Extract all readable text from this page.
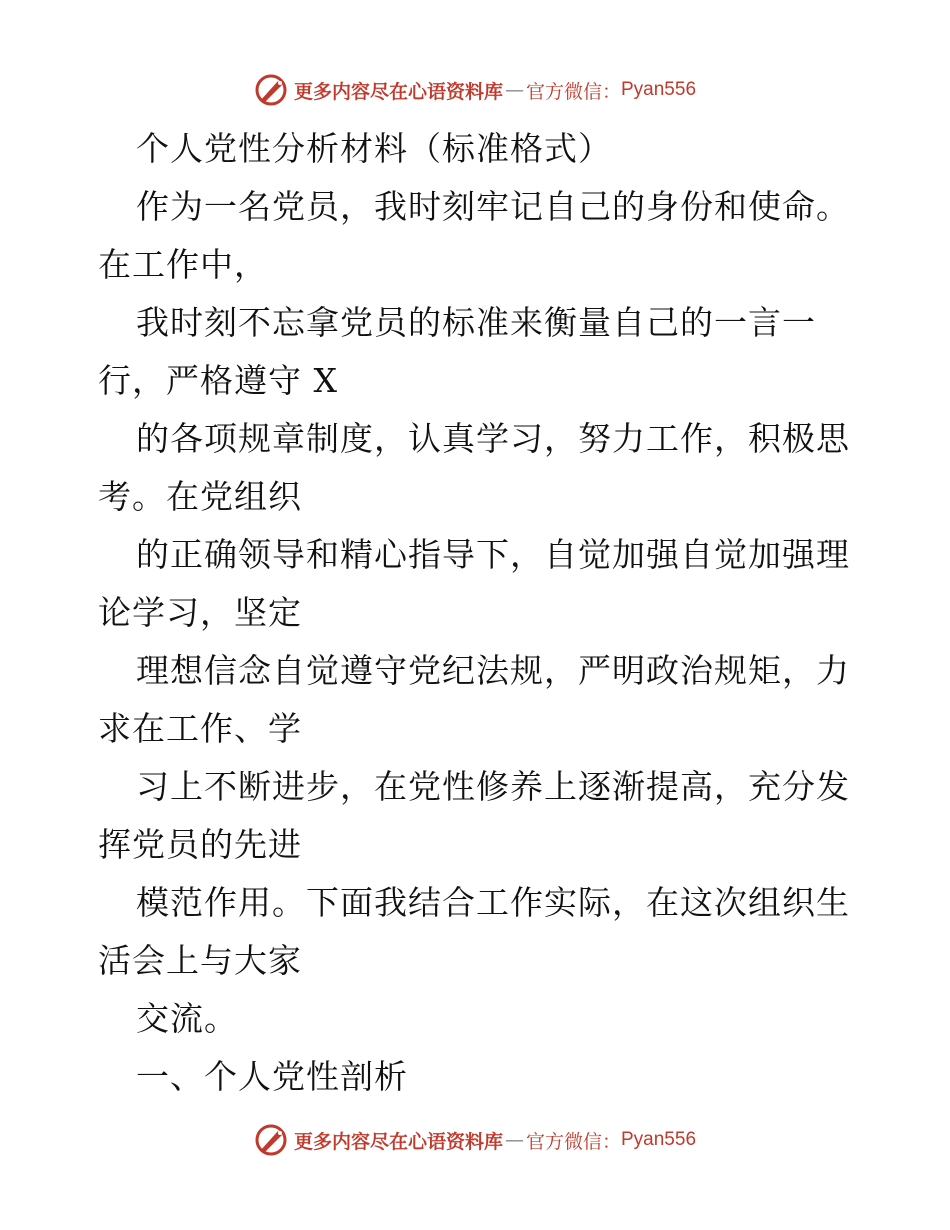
更多内容尽在心语资料库 — 官方微信： Pyan556
个人党性分析材料（标准格式）
作为一名党员，我时刻牢记自己的身份和使命。
在工作中，
我时刻不忘拿党员的标准来衡量自己的一言一
行，严格遵守 X
的各项规章制度，认真学习，努力工作，积极思
考。在党组织
的正确领导和精心指导下，自觉加强自觉加强理
论学习，坚定
理想信念自觉遵守党纪法规，严明政治规矩，力
求在工作、学
习上不断进步，在党性修养上逐渐提高，充分发
挥党员的先进
模范作用。下面我结合工作实际，在这次组织生
活会上与大家
交流。
一、个人党性剖析
更多内容尽在心语资料库 — 官方微信： Pyan556
